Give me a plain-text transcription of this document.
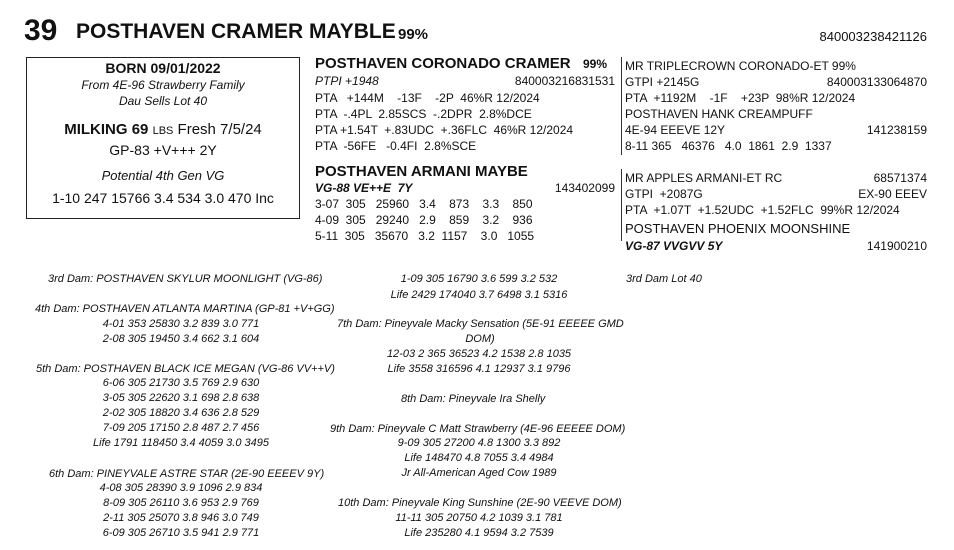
39 POSTHAVEN CRAMER MAYBLE 99%	840003238421126
BORN 09/01/2022
From 4E-96 Strawberry Family
Dau Sells Lot 40
MILKING 69 LBS Fresh 7/5/24
GP-83 +V+++ 2Y
Potential 4th Gen VG
1-10 247 15766 3.4 534 3.0 470 Inc
POSTHAVEN CORONADO CRAMER 99%
PTPI +1948	840003216831531
PTA   +144M    -13F    -2P  46%R 12/2024
PTA  -.4PL  2.85SCS  -.2DPR  2.8%DCE
PTA +1.54T  +.83UDC  +.36FLC  46%R 12/2024
PTA  -56FE   -0.4FI  2.8%SCE
POSTHAVEN ARMANI MAYBE
VG-88 VE++E  7Y	143402099
3-07  305   25960   3.4    873    3.3    850
4-09  305   29240   2.9    859    3.2    936
5-11  305   35670   3.2  1157    3.0   1055
MR TRIPLECROWN CORONADO-ET 99%
GTPI +2145G	840003133064870
PTA  +1192M    -1F    +23P  98%R 12/2024
POSTHAVEN HANK CREAMPUFF
4E-94 EEEVE 12Y	141238159
8-11 365   46376   4.0  1861  2.9  1337
MR APPLES ARMANI-ET RC	68571374
GTPI  +2087G	EX-90 EEEV
PTA  +1.07T  +1.52UDC  +1.52FLC  99%R 12/2024
POSTHAVEN PHOENIX MOONSHINE
VG-87 VVGVV 5Y	141900210
3rd Dam: POSTHAVEN SKYLUR MOONLIGHT (VG-86)	1-09 305 16790 3.6 599 3.2 532
Life 2429 174040 3.7 6498 3.1 5316
3rd Dam Lot 40
4th Dam: POSTHAVEN ATLANTA MARTINA (GP-81 +V+GG)
4-01 353 25830 3.2 839 3.0 771
2-08 305 19450 3.4 662 3.1 604
7th Dam: Pineyvale Macky Sensation (5E-91 EEEEE GMD
DOM)
12-03 2 365 36523 4.2 1538 2.8 1035
Life 3558 316596 4.1 12937 3.1 9796
5th Dam: POSTHAVEN BLACK ICE MEGAN (VG-86 VV++V)
6-06 305 21730 3.5 769 2.9 630
3-05 305 22620 3.1 698 2.8 638
2-02 305 18820 3.4 636 2.8 529
7-09 205 17150 2.8 487 2.7 456
Life 1791 118450 3.4 4059 3.0 3495
8th Dam: Pineyvale Ira Shelly
9th Dam: Pineyvale C Matt Strawberry (4E-96 EEEEE DOM)
9-09 305 27200 4.8 1300 3.3 892
Life 148470 4.8 7055 3.4 4984
Jr All-American Aged Cow 1989
6th Dam: PINEYVALE ASTRE STAR (2E-90 EEEEV 9Y)
4-08 305 28390 3.9 1096 2.9 834
8-09 305 26110 3.6 953 2.9 769
2-11 305 25070 3.8 946 3.0 749
6-09 305 26710 3.5 941 2.9 771
10th Dam: Pineyvale King Sunshine (2E-90 VEEVE DOM)
11-11 305 20750 4.2 1039 3.1 781
Life 235280 4.1 9594 3.2 7539
